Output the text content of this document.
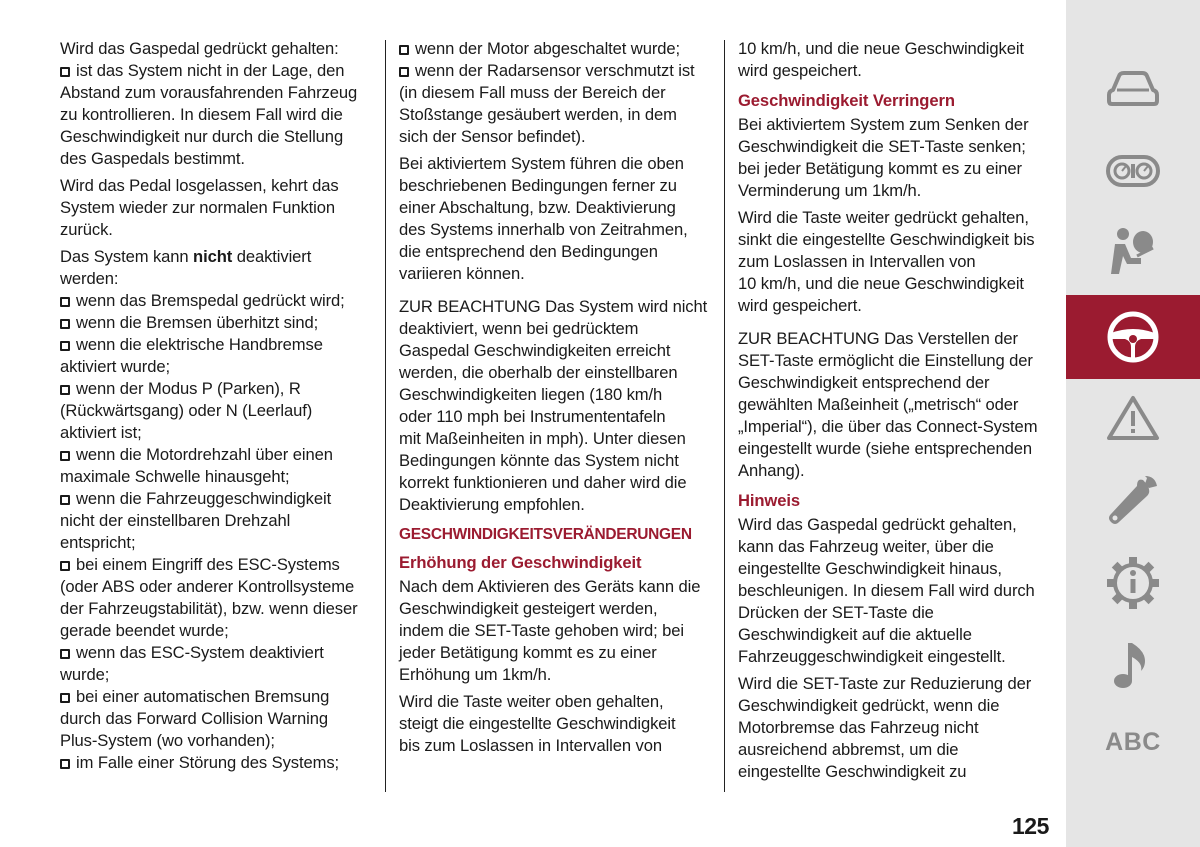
Wird das Gaspedal gedrückt gehalten:
ist das System nicht in der Lage, den
Abstand zum vorausfahrenden Fahrzeug
zu kontrollieren. In diesem Fall wird die
Geschwindigkeit nur durch die Stellung
des Gaspedals bestimmt.
Wird das Pedal losgelassen, kehrt das
System wieder zur normalen Funktion
zurück.
Das System kann nicht deaktiviert
werden:
wenn das Bremspedal gedrückt wird;
wenn die Bremsen überhitzt sind;
wenn die elektrische Handbremse
aktiviert wurde;
wenn der Modus P (Parken), R
(Rückwärtsgang) oder N (Leerlauf)
aktiviert ist;
wenn die Motordrehzahl über einen
maximale Schwelle hinausgeht;
wenn die Fahrzeuggeschwindigkeit
nicht der einstellbaren Drehzahl
entspricht;
bei einem Eingriff des ESC-Systems
(oder ABS oder anderer Kontrollsysteme
der Fahrzeugstabilität), bzw. wenn dieser
gerade beendet wurde;
wenn das ESC-System deaktiviert
wurde;
bei einer automatischen Bremsung
durch das Forward Collision Warning
Plus-System (wo vorhanden);
im Falle einer Störung des Systems;
wenn der Motor abgeschaltet wurde;
wenn der Radarsensor verschmutzt ist
(in diesem Fall muss der Bereich der
Stoßstange gesäubert werden, in dem
sich der Sensor befindet).
Bei aktiviertem System führen die oben
beschriebenen Bedingungen ferner zu
einer Abschaltung, bzw. Deaktivierung
des Systems innerhalb von Zeitrahmen,
die entsprechend den Bedingungen
variieren können.
ZUR BEACHTUNG Das System wird nicht
deaktiviert, wenn bei gedrücktem
Gaspedal Geschwindigkeiten erreicht
werden, die oberhalb der einstellbaren
Geschwindigkeiten liegen (180 km/h
oder 110 mph bei Instrumententafeln
mit Maßeinheiten in mph). Unter diesen
Bedingungen könnte das System nicht
korrekt funktionieren und daher wird die
Deaktivierung empfohlen.
GESCHWINDIGKEITSVERÄNDERUNGEN
Erhöhung der Geschwindigkeit
Nach dem Aktivieren des Geräts kann die
Geschwindigkeit gesteigert werden,
indem die SET-Taste gehoben wird; bei
jeder Betätigung kommt es zu einer
Erhöhung um 1km/h.
Wird die Taste weiter oben gehalten,
steigt die eingestellte Geschwindigkeit
bis zum Loslassen in Intervallen von
10 km/h, und die neue Geschwindigkeit
wird gespeichert.
Geschwindigkeit Verringern
Bei aktiviertem System zum Senken der
Geschwindigkeit die SET-Taste senken;
bei jeder Betätigung kommt es zu einer
Verminderung um 1km/h.
Wird die Taste weiter gedrückt gehalten,
sinkt die eingestellte Geschwindigkeit bis
zum Loslassen in Intervallen von
10 km/h, und die neue Geschwindigkeit
wird gespeichert.
ZUR BEACHTUNG Das Verstellen der
SET-Taste ermöglicht die Einstellung der
Geschwindigkeit entsprechend der
gewählten Maßeinheit („metrisch“ oder
„Imperial“), die über das Connect-System
eingestellt wurde (siehe entsprechenden
Anhang).
Hinweis
Wird das Gaspedal gedrückt gehalten,
kann das Fahrzeug weiter, über die
eingestellte Geschwindigkeit hinaus,
beschleunigen. In diesem Fall wird durch
Drücken der SET-Taste die
Geschwindigkeit auf die aktuelle
Fahrzeuggeschwindigkeit eingestellt.
Wird die SET-Taste zur Reduzierung der
Geschwindigkeit gedrückt, wenn die
Motorbremse das Fahrzeug nicht
ausreichend abbremst, um die
eingestellte Geschwindigkeit zu
125
ABC
